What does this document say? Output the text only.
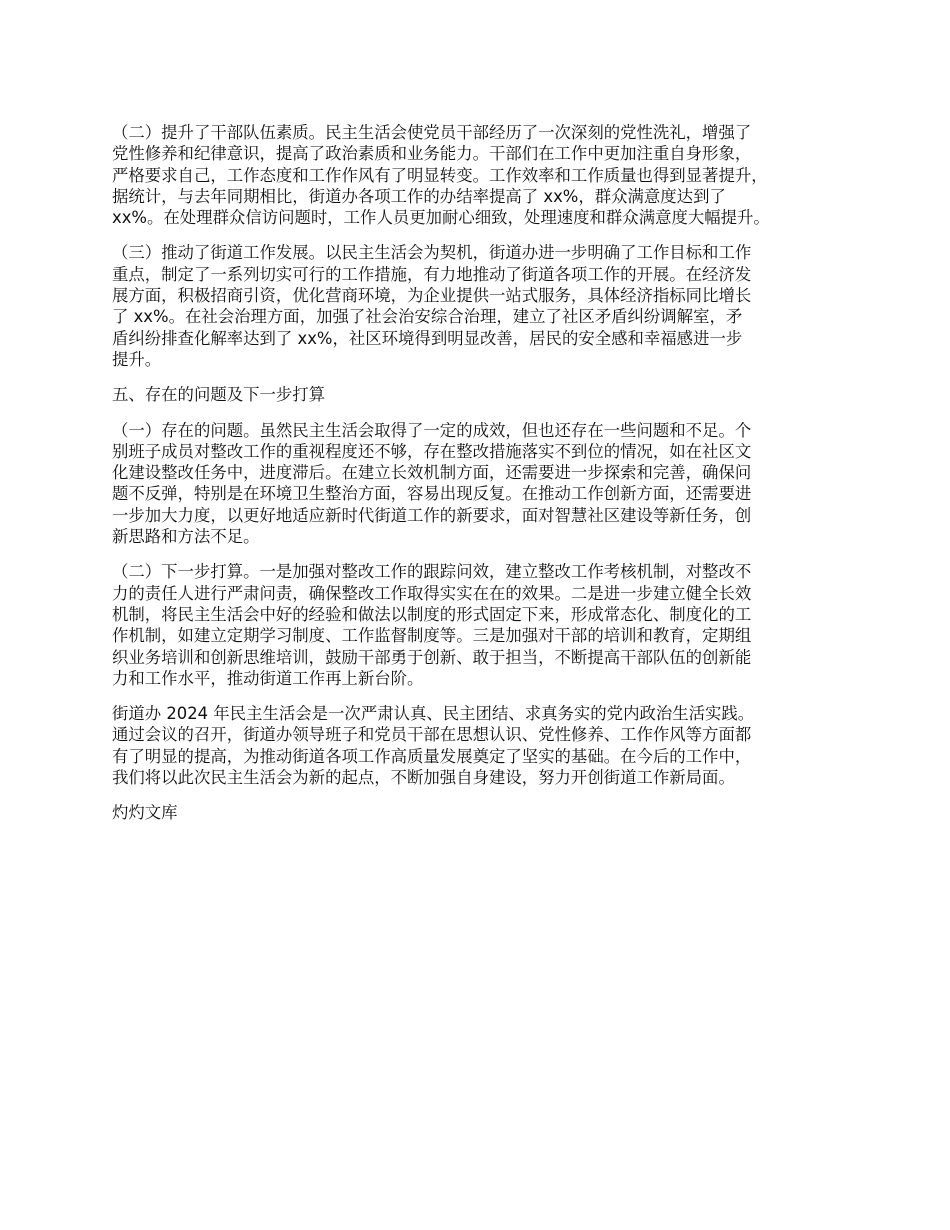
（二）提升了干部队伍素质。民主生活会使党员干部经历了一次深刻的党性洗礼，增强了
党性修养和纪律意识，提高了政治素质和业务能力。干部们在工作中更加注重自身形象，
严格要求自己，工作态度和工作作风有了明显转变。工作效率和工作质量也得到显著提升，
据统计，与去年同期相比，街道办各项工作的办结率提高了 xx%，群众满意度达到了
xx%。在处理群众信访问题时，工作人员更加耐心细致，处理速度和群众满意度大幅提升。

（三）推动了街道工作发展。以民主生活会为契机，街道办进一步明确了工作目标和工作
重点，制定了一系列切实可行的工作措施，有力地推动了街道各项工作的开展。在经济发
展方面，积极招商引资，优化营商环境，为企业提供一站式服务，具体经济指标同比增长
了 xx%。在社会治理方面，加强了社会治安综合治理，建立了社区矛盾纠纷调解室，矛
盾纠纷排查化解率达到了 xx%，社区环境得到明显改善，居民的安全感和幸福感进一步
提升。

五、存在的问题及下一步打算

（一）存在的问题。虽然民主生活会取得了一定的成效，但也还存在一些问题和不足。个
别班子成员对整改工作的重视程度还不够，存在整改措施落实不到位的情况，如在社区文
化建设整改任务中，进度滞后。在建立长效机制方面，还需要进一步探索和完善，确保问
题不反弹，特别是在环境卫生整治方面，容易出现反复。在推动工作创新方面，还需要进
一步加大力度，以更好地适应新时代街道工作的新要求，面对智慧社区建设等新任务，创
新思路和方法不足。

（二）下一步打算。一是加强对整改工作的跟踪问效，建立整改工作考核机制，对整改不
力的责任人进行严肃问责，确保整改工作取得实实在在的效果。二是进一步建立健全长效
机制，将民主生活会中好的经验和做法以制度的形式固定下来，形成常态化、制度化的工
作机制，如建立定期学习制度、工作监督制度等。三是加强对干部的培训和教育，定期组
织业务培训和创新思维培训，鼓励干部勇于创新、敢于担当，不断提高干部队伍的创新能
力和工作水平，推动街道工作再上新台阶。

街道办 2024 年民主生活会是一次严肃认真、民主团结、求真务实的党内政治生活实践。
通过会议的召开，街道办领导班子和党员干部在思想认识、党性修养、工作作风等方面都
有了明显的提高，为推动街道各项工作高质量发展奠定了坚实的基础。在今后的工作中，
我们将以此次民主生活会为新的起点，不断加强自身建设，努力开创街道工作新局面。

灼灼文库
